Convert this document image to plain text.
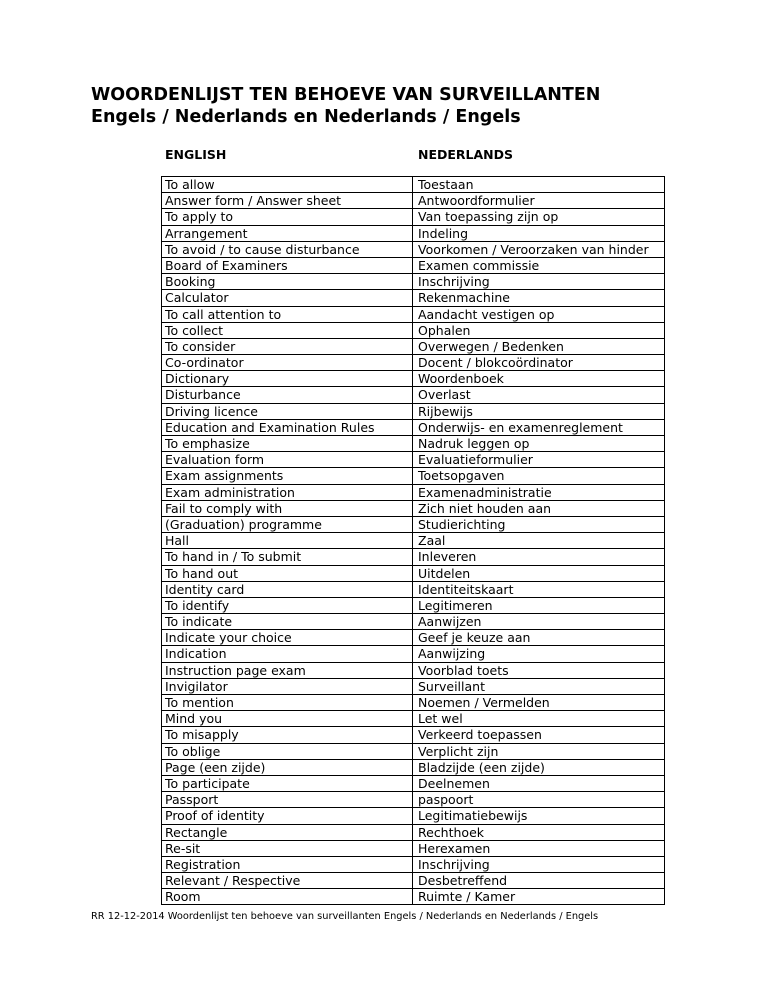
WOORDENLIJST TEN BEHOEVE VAN SURVEILLANTEN
Engels / Nederlands en Nederlands / Engels
ENGLISH	NEDERLANDS
To allow	Toestaan
Answer form / Answer sheet	Antwoordformulier
To apply to	Van toepassing zijn op
Arrangement	Indeling
To avoid / to cause disturbance	Voorkomen / Veroorzaken van hinder
Board of Examiners	Examen commissie
Booking	Inschrijving
Calculator	Rekenmachine
To call attention to	Aandacht vestigen op
To collect	Ophalen
To consider	Overwegen / Bedenken
Co-ordinator	Docent / blokcoördinator
Dictionary	Woordenboek
Disturbance	Overlast
Driving licence	Rijbewijs
Education and Examination Rules	Onderwijs- en examenreglement
To emphasize	Nadruk leggen op
Evaluation form	Evaluatieformulier
Exam assignments	Toetsopgaven
Exam administration	Examenadministratie
Fail to comply with	Zich niet houden aan
(Graduation) programme	Studierichting
Hall	Zaal
To hand in / To submit	Inleveren
To hand out	Uitdelen
Identity card	Identiteitskaart
To identify	Legitimeren
To indicate	Aanwijzen
Indicate your choice	Geef je keuze aan
Indication	Aanwijzing
Instruction page exam	Voorblad toets
Invigilator	Surveillant
To mention	Noemen / Vermelden
Mind you	Let wel
To misapply	Verkeerd toepassen
To oblige	Verplicht zijn
Page (een zijde)	Bladzijde (een zijde)
To participate	Deelnemen
Passport	paspoort
Proof of identity	Legitimatiebewijs
Rectangle	Rechthoek
Re-sit	Herexamen
Registration	Inschrijving
Relevant / Respective	Desbetreffend
Room	Ruimte / Kamer
RR 12-12-2014 Woordenlijst ten behoeve van surveillanten Engels / Nederlands en Nederlands / Engels
